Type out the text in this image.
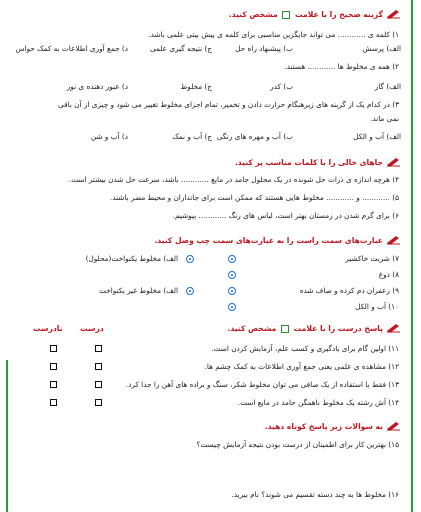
گزینه صحیح را با علامت  مشخص کنید.
۱) کلمه ی ............ می تواند جایگزین مناسبی برای کلمه ی پیش بینی علمی باشد.
الف) پرسش
ب) پیشنهاد راه حل
ج) نتیجه گیری علمی
د) جمع آوری اطلاعات به کمک حواس
۲) همه ی مخلوط ها ............ هستند.
الف) گاز
ب) کدر
ج) مخلوط
د) عبور دهنده ی نور
۳) در کدام یک از گزینه های زیرهنگام حرارت دادن و تخمیر، تمام اجزای مخلوط تغییر می شود و چیزی از آن باقی
نمی ماند.
الف) آب و الکل
ب) آب و مهره های رنگی
ج) آب و نمک
د) آب و شن
جاهای خالی را با کلمات مناسب پر کنید.
۴) هرچه اندازه ی ذرات حل شونده در یک محلول جامد در مایع ............ باشد، سرعت حل شدن بیشتر است.
۵) ............ و ............ مخلوط هایی هستند که ممکن است برای جانداران و محیط مضر باشند.
۶) برای گرم شدن در زمستان بهتر است، لباس های رنگ ............ بپوشیم.
عبارت‌های سمت راست را به عبارت‌های سمت چپ وصل کنید.
۷) شربت خاکشیر
۸) دوغ
۹) زعفران دم کرده و صاف شده
۱۰) آب و الکل
الف) مخلوط یکنواخت(محلول)
الف) مخلوط غیر یکنواخت
پاسخ درست را با علامت  مشخص کنید.
درست
نادرست
۱۱) اولین گام برای یادگیری و کسب علم، آزمایش کردن است.
۱۲) مشاهده ی علمی یعنی جمع آوری اطلاعات به کمک چشم ها.
۱۳) فقط با استفاده از یک صافی می توان مخلوط شکر، سنگ و براده های آهن را جدا کرد.
۱۴) آش رشته یک مخلوط ناهمگن جامد در مایع است.
به سوالات زیر پاسخ کوتاه دهید.
۱۵) بهترین کار برای اطمینان از درست بودن نتیجه آزمایش چیست؟
۱۶) مخلوط ها به چند دسته تقسیم می شوند؟ نام ببرید.
